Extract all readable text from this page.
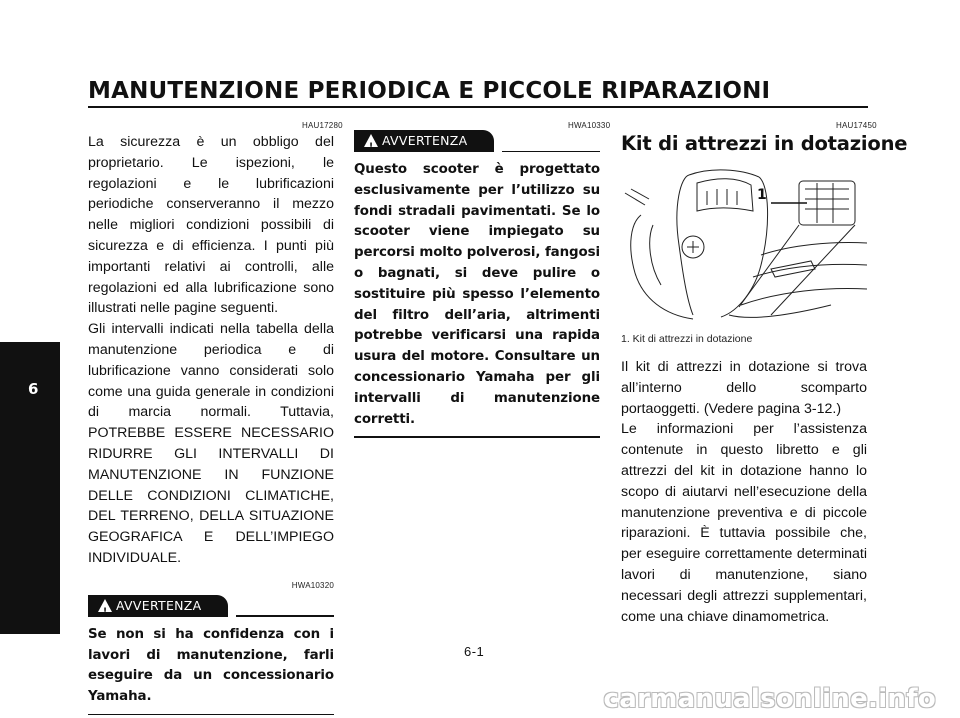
MANUTENZIONE PERIODICA E PICCOLE RIPARAZIONI
6
HAU17280

La sicurezza è un obbligo del proprietario. Le ispezioni, le regolazioni e le lubrificazioni periodiche conserveranno il mezzo nelle migliori condizioni possibili di sicurezza e di efficienza. I punti più importanti relativi ai controlli, alle regolazioni ed alla lubrificazione sono illustrati nelle pagine seguenti.

Gli intervalli indicati nella tabella della manutenzione periodica e di lubrificazione vanno considerati solo come una guida generale in condizioni di marcia normali. Tuttavia, POTREBBE ESSERE NECESSARIO RIDURRE GLI INTERVALLI DI MANUTENZIONE IN FUNZIONE DELLE CONDIZIONI CLIMATICHE, DEL TERRENO, DELLA SITUAZIONE GEOGRAFICA E DELL’IMPIEGO INDIVIDUALE.

HWA10320
!
AVVERTENZA

Se non si ha confidenza con i lavori di manutenzione, farli eseguire da un concessionario Yamaha.

HWA10330
!
AVVERTENZA

Questo scooter è progettato esclusivamente per l’utilizzo su fondi stradali pavimentati. Se lo scooter viene impiegato su percorsi molto polverosi, fangosi o bagnati, si deve pulire o sostituire più spesso l’elemento del filtro dell’aria, altrimenti potrebbe verificarsi una rapida usura del motore. Consultare un concessionario Yamaha per gli intervalli di manutenzione corretti.

HAU17450
Kit di attrezzi in dotazione
1

1. Kit di attrezzi in dotazione

Il kit di attrezzi in dotazione si trova all’interno dello scomparto portaoggetti. (Vedere pagina 3-12.)

Le informazioni per l’assistenza contenute in questo libretto e gli attrezzi del kit in dotazione hanno lo scopo di aiutarvi nell’esecuzione della manutenzione preventiva e di piccole riparazioni. È tuttavia possibile che, per eseguire correttamente determinati lavori di manutenzione, siano necessari degli attrezzi supplementari, come una chiave dinamometrica.

6-1
carmanualsonline.info
